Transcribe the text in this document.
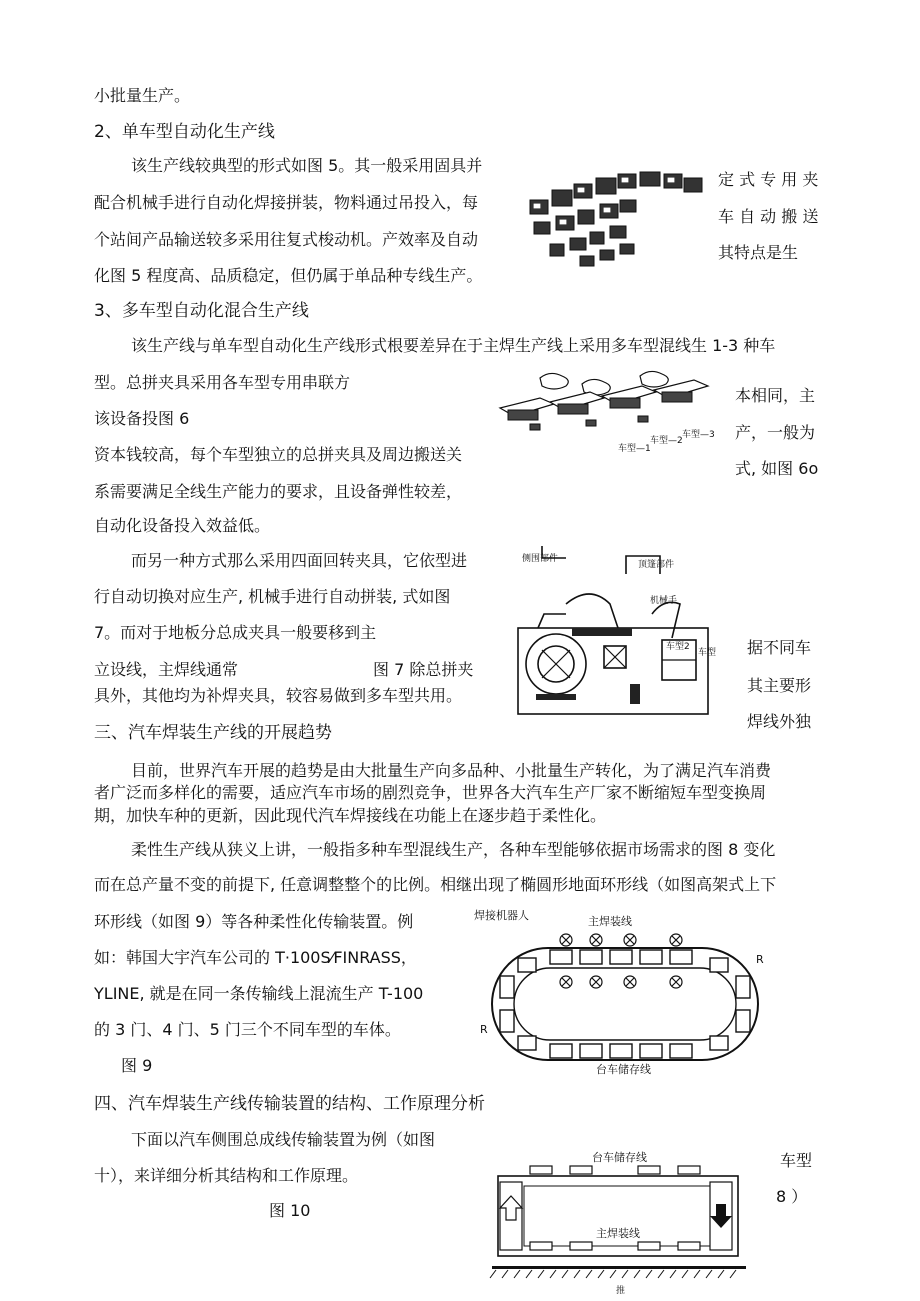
小批量生产。
2、单车型自动化生产线
该生产线较典型的形式如图 5。其一般采用固具并
配合机械手进行自动化焊接拼装，物料通过吊投入，每
个站间产品输送较多采用往复式梭动机。产效率及自动
化图 5 程度高、品质稳定，但仍属于单品种专线生产。
定 式 专 用 夹
车 自 动 搬 送
其特点是生
3、多车型自动化混合生产线
该生产线与单车型自动化生产线形式根要差异在于主焊生产线上采用多车型混线生 1-3 种车
型。总拼夹具采用各车型专用串联方
该设备投图 6
资本钱较高，每个车型独立的总拼夹具及周边搬送关
系需要满足全线生产能力的要求，且设备弹性较差，
自动化设备投入效益低。
本相同，主
产，一般为
式, 如图 6o
而另一种方式那么采用四面回转夹具，它依型进
行自动切换对应生产, 机械手进行自动拼装, 式如图
7。而对于地板分总成夹具一般要移到主
立设线，主焊线通常	图 7 除总拼夹
具外，其他均为补焊夹具，较容易做到多车型共用。
据不同车
其主要形
焊线外独
三、汽车焊装生产线的开展趋势
目前，世界汽车开展的趋势是由大批量生产向多品种、小批量生产转化，为了满足汽车消费
者广泛而多样化的需要，适应汽车市场的剧烈竞争，世界各大汽车生产厂家不断缩短车型变换周
期，加快车种的更新，因此现代汽车焊接线在功能上在逐步趋于柔性化。
柔性生产线从狭义上讲，一般指多种车型混线生产，各种车型能够依据市场需求的图 8 变化
而在总产量不变的前提下, 任意调整整个的比例。相继出现了椭圆形地面环形线（如图高架式上下
环形线（如图 9）等各种柔性化传输装置。例
如：韩国大宇汽车公司的 T·100S⁄FINRASS，
YLINE, 就是在同一条传输线上混流生产 T-100
的 3 门、4 门、5 门三个不同车型的车体。
图 9
四、汽车焊装生产线传输装置的结构、工作原理分析
下面以汽车侧围总成线传输装置为例（如图
十），来详细分析其结构和工作原理。
图 10
车型
8 ）
车型—1
车型—2
车型—3
侧围部件
顶篷部件
机械手
车型2
车型
焊接机器人	主焊装线
R
R
台车储存线
台车储存线
主焊装线
推
